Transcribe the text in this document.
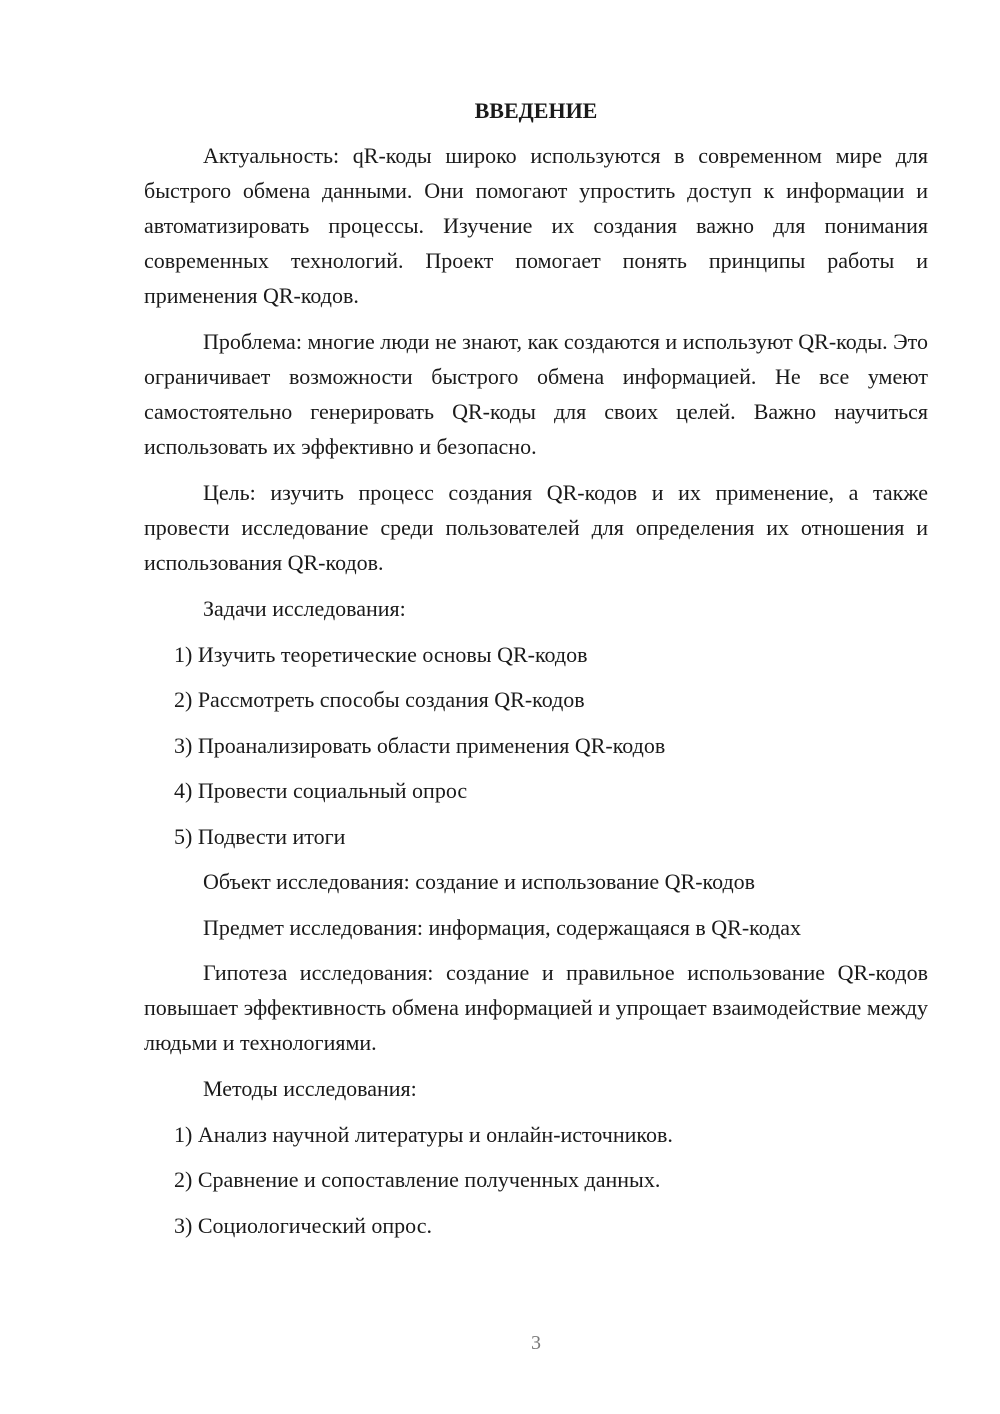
ВВЕДЕНИЕ

Актуальность: qR-коды широко используются в современном мире для быстрого обмена данными. Они помогают упростить доступ к информации и автоматизировать процессы. Изучение их создания важно для понимания современных технологий. Проект помогает понять принципы работы и применения QR-кодов.

Проблема: многие люди не знают, как создаются и используют QR-коды. Это ограничивает возможности быстрого обмена информацией. Не все умеют самостоятельно генерировать QR-коды для своих целей. Важно научиться использовать их эффективно и безопасно.

Цель: изучить процесс создания QR-кодов и их применение, а также провести исследование среди пользователей для определения их отношения и использования QR-кодов.

Задачи исследования:
1) Изучить теоретические основы QR-кодов
2) Рассмотреть способы создания QR-кодов
3) Проанализировать области применения QR-кодов
4) Провести социальный опрос
5) Подвести итоги
Объект исследования: создание и использование QR-кодов
Предмет исследования: информация, содержащаяся в QR-кодах

Гипотеза исследования: создание и правильное использование QR-кодов повышает эффективность обмена информацией и упрощает взаимодействие между людьми и технологиями.

Методы исследования:
1) Анализ научной литературы и онлайн-источников.
2) Сравнение и сопоставление полученных данных.
3) Социологический опрос.
3
